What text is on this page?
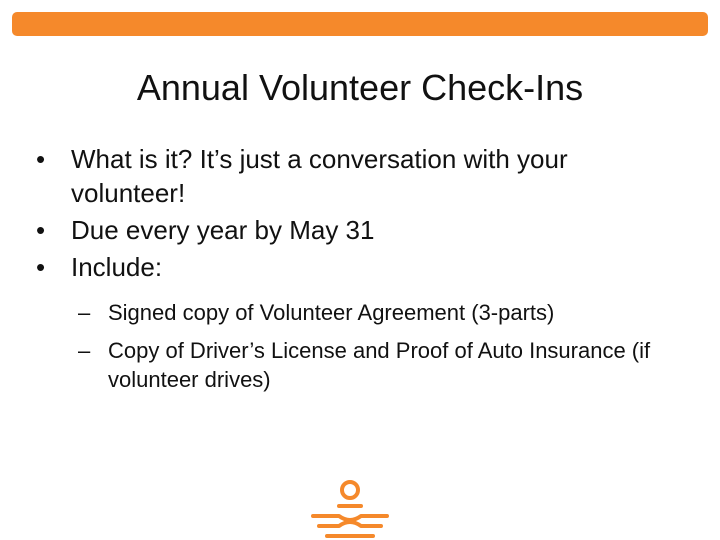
Annual Volunteer Check-Ins
• What is it? It’s just a conversation with your volunteer!
• Due every year by May 31
• Include:
– Signed copy of Volunteer Agreement (3-parts)
– Copy of Driver’s License and Proof of Auto Insurance (if volunteer drives)
